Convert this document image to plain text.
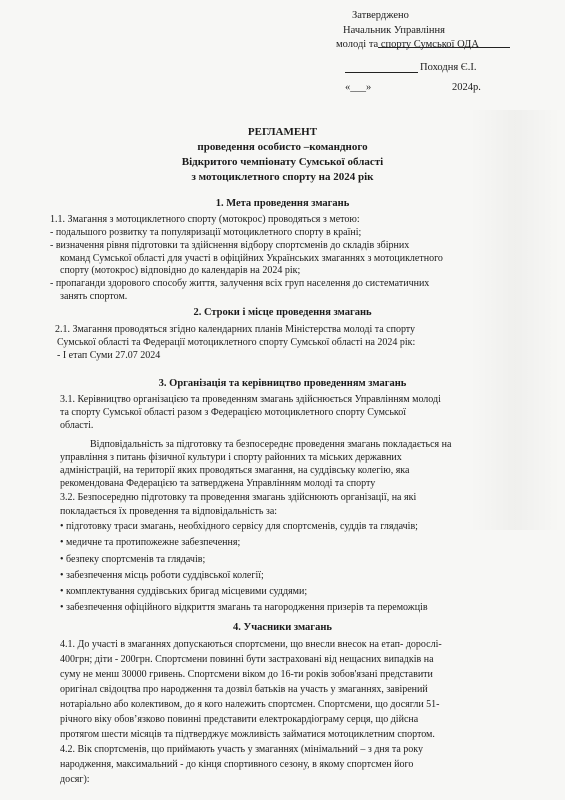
Затверджено
Начальник Управління
молоді та спорту Сумської ОДА
Походня Є.І.
«___»	2024р.
РЕГЛАМЕНТ
проведення особисто –командного
Відкритого чемпіонату Сумської області
з мотоциклетного спорту на 2024 рік
1. Мета проведення змагань
1.1. Змагання з мотоциклетного спорту (мотокрос) проводяться з метою:
- подальшого розвитку та популяризації мотоциклетного спорту в країні;
- визначення рівня підготовки та здійснення відбору спортсменів до складів збірних
команд Сумської області для участі в офіційних Українських змаганнях з мотоциклетного
спорту (мотокрос) відповідно до календарів на 2024 рік;
- пропаганди здорового способу життя, залучення всіх груп населення до систематичних
занять спортом.
2. Строки і місце проведення змагань
2.1. Змагання проводяться згідно календарних планів Міністерства молоді та спорту
Сумської області та Федерації мотоциклетного спорту Сумської області на 2024 рік:
- I етап Суми 27.07 2024
3. Організація та керівництво проведенням змагань
3.1. Керівництво організацією та проведенням змагань здійснюється Управлінням молоді
та спорту Сумської області разом з Федерацією мотоциклетного спорту Сумської
області.
Відповідальність за підготовку та безпосереднє проведення змагань покладається на
управління з питань фізичної культури і спорту районних та міських державних
адміністрацій, на території яких проводяться змагання, на суддівську колегію, яка
рекомендована Федерацією та затверджена Управлінням молоді та спорту
3.2. Безпосередню підготовку та проведення змагань здійснюють організації, на які
покладається їх проведення та відповідальність за:
• підготовку траси змагань, необхідного сервісу для спортсменів, суддів та глядачів;
• медичне та протипожежне забезпечення;
• безпеку спортсменів та глядачів;
• забезпечення місць роботи суддівської колегії;
• комплектування суддівських бригад місцевими суддями;
• забезпечення офіційного відкриття змагань та нагородження призерів та переможців
4. Учасники змагань
4.1. До участі в змаганнях допускаються спортсмени, що внесли внесок на етап- дорослі-
400грн; діти - 200грн. Спортсмени повинні бути застраховані від нещасних випадків на
суму не менш 30000 гривень. Спортсмени віком до 16-ти років зобов'язані представити
оригінал свідоцтва про народження та дозвіл батьків на участь у змаганнях, завірений
нотаріально або колективом, до я кого належить спортсмен. Спортсмени, що досягли 51-
річного віку обов’язково повинні представити електрокардіограму серця, що дійсна
протягом шести місяців та підтверджує можливість займатися мотоциклетним спортом.
4.2. Вік спортсменів, що приймають участь у змаганнях (мінімальний – з дня та року
народження, максимальний - до кінця спортивного сезону, в якому спортсмен його
досяг):
